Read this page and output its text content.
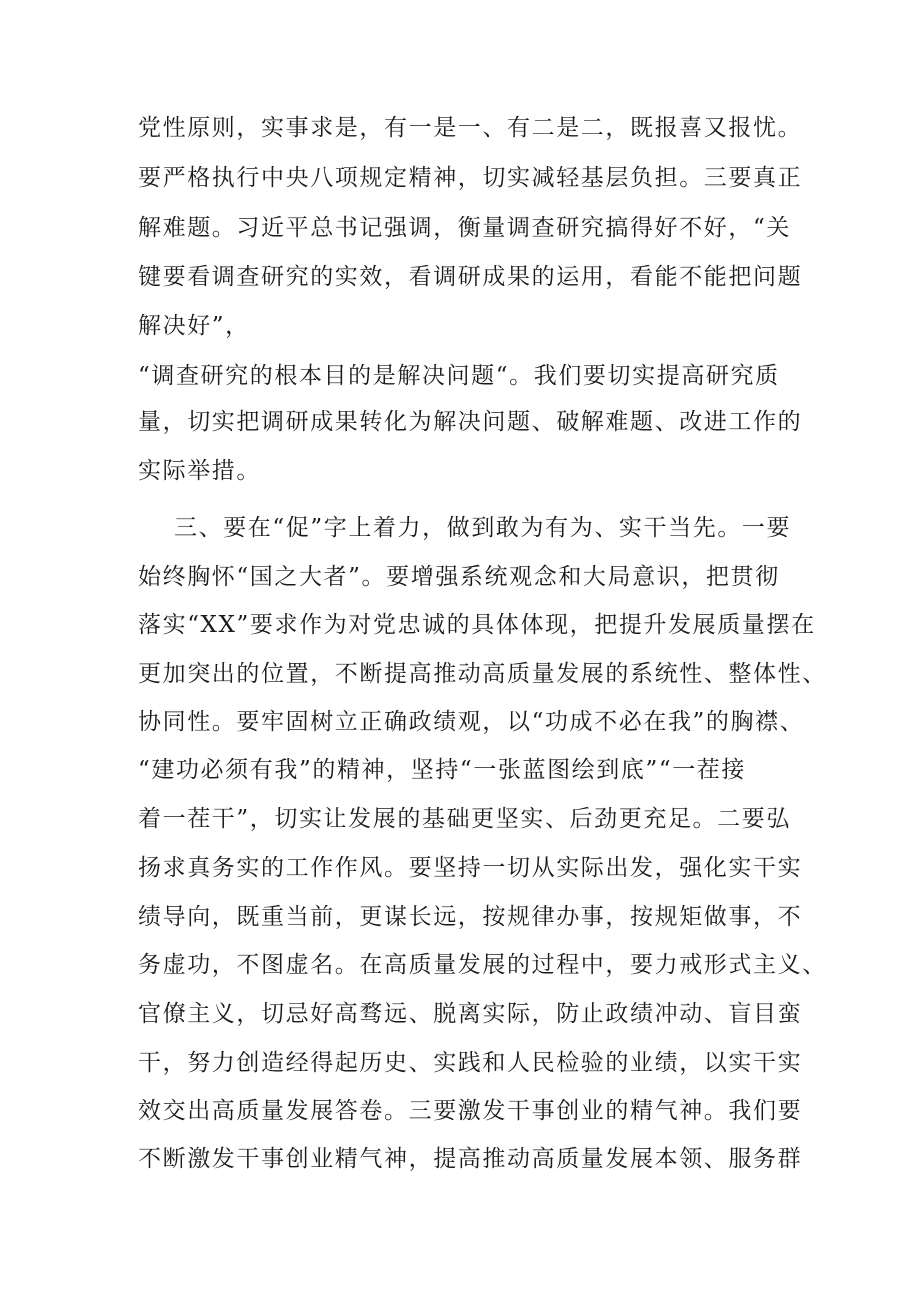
党性原则，实事求是，有一是一、有二是二，既报喜又报忧。

要严格执行中央八项规定精神，切实减轻基层负担。三要真正

解难题。习近平总书记强调，衡量调查研究搞得好不好，“关

键要看调查研究的实效，看调研成果的运用，看能不能把问题

解决好”，

“调查研究的根本目的是解决问题“。我们要切实提高研究质

量，切实把调研成果转化为解决问题、破解难题、改进工作的

实际举措。

三、要在“促”字上着力，做到敢为有为、实干当先。一要

始终胸怀“国之大者”。要增强系统观念和大局意识，把贯彻

落实“XX”要求作为对党忠诚的具体体现，把提升发展质量摆在

更加突出的位置，不断提高推动高质量发展的系统性、整体性、

协同性。要牢固树立正确政绩观，以“功成不必在我”的胸襟、

“建功必须有我”的精神，坚持“一张蓝图绘到底”“一茬接

着一茬干”，切实让发展的基础更坚实、后劲更充足。二要弘

扬求真务实的工作作风。要坚持一切从实际出发，强化实干实

绩导向，既重当前，更谋长远，按规律办事，按规矩做事，不

务虚功，不图虚名。在高质量发展的过程中，要力戒形式主义、

官僚主义，切忌好高骛远、脱离实际，防止政绩冲动、盲目蛮

干，努力创造经得起历史、实践和人民检验的业绩，以实干实

效交出高质量发展答卷。三要激发干事创业的精气神。我们要

不断激发干事创业精气神，提高推动高质量发展本领、服务群
